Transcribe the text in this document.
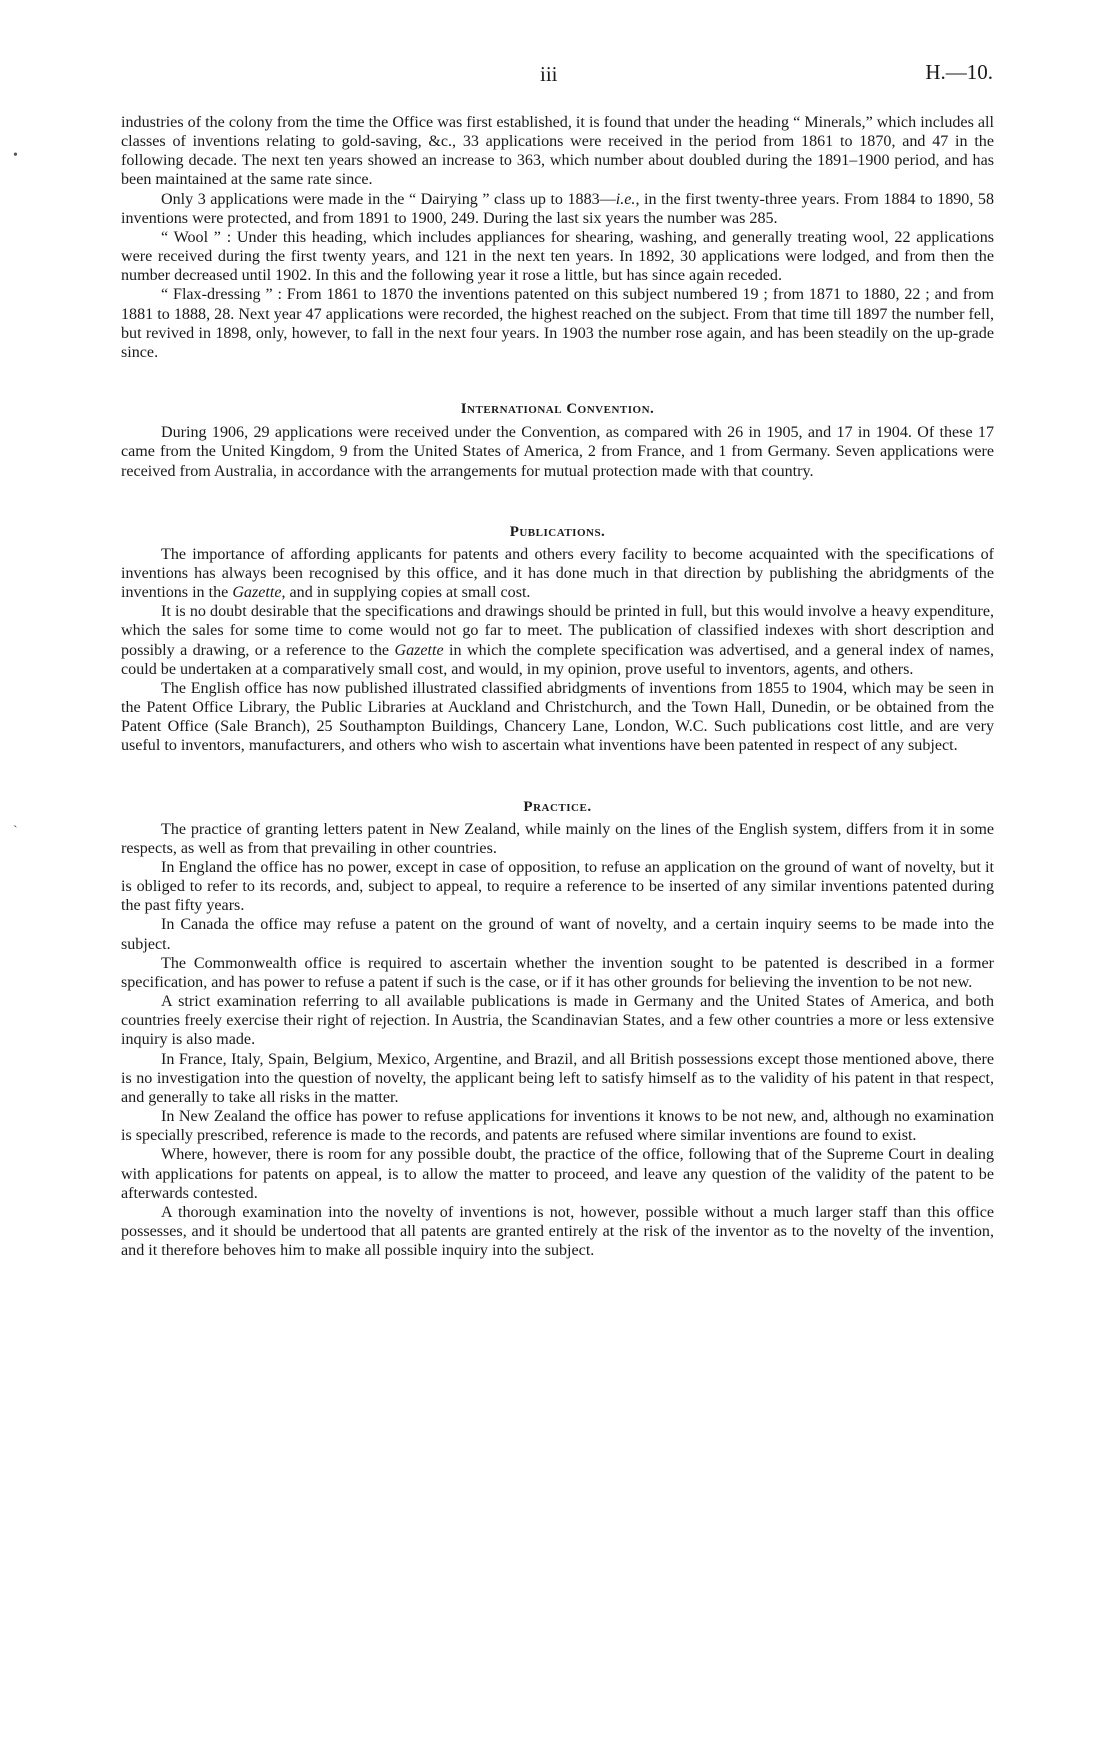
iii	H.—10.
•
ˋ

industries of the colony from the time the Office was first established, it is found that under the heading “ Minerals,” which includes all classes of inventions relating to gold-saving, &c., 33 applications were received in the period from 1861 to 1870, and 47 in the following decade. The next ten years showed an increase to 363, which number about doubled during the 1891–1900 period, and has been maintained at the same rate since.

Only 3 applications were made in the “ Dairying ” class up to 1883—i.e., in the first twenty-three years. From 1884 to 1890, 58 inventions were protected, and from 1891 to 1900, 249. During the last six years the number was 285.

“ Wool ” : Under this heading, which includes appliances for shearing, washing, and generally treating wool, 22 applications were received during the first twenty years, and 121 in the next ten years. In 1892, 30 applications were lodged, and from then the number decreased until 1902. In this and the following year it rose a little, but has since again receded.

“ Flax-dressing ” : From 1861 to 1870 the inventions patented on this subject numbered 19 ; from 1871 to 1880, 22 ; and from 1881 to 1888, 28. Next year 47 applications were recorded, the highest reached on the subject. From that time till 1897 the number fell, but revived in 1898, only, however, to fall in the next four years. In 1903 the number rose again, and has been steadily on the up-grade since.

International Convention.

During 1906, 29 applications were received under the Convention, as compared with 26 in 1905, and 17 in 1904. Of these 17 came from the United Kingdom, 9 from the United States of America, 2 from France, and 1 from Germany. Seven applications were received from Australia, in accordance with the arrangements for mutual protection made with that country.

Publications.

The importance of affording applicants for patents and others every facility to become acquainted with the specifications of inventions has always been recognised by this office, and it has done much in that direction by publishing the abridgments of the inventions in the Gazette, and in supplying copies at small cost.

It is no doubt desirable that the specifications and drawings should be printed in full, but this would involve a heavy expenditure, which the sales for some time to come would not go far to meet. The publication of classified indexes with short description and possibly a drawing, or a reference to the Gazette in which the complete specification was advertised, and a general index of names, could be undertaken at a comparatively small cost, and would, in my opinion, prove useful to inventors, agents, and others.

The English office has now published illustrated classified abridgments of inventions from 1855 to 1904, which may be seen in the Patent Office Library, the Public Libraries at Auckland and Christchurch, and the Town Hall, Dunedin, or be obtained from the Patent Office (Sale Branch), 25 Southampton Buildings, Chancery Lane, London, W.C. Such publications cost little, and are very useful to inventors, manufacturers, and others who wish to ascertain what inventions have been patented in respect of any subject.

Practice.

The practice of granting letters patent in New Zealand, while mainly on the lines of the English system, differs from it in some respects, as well as from that prevailing in other countries.

In England the office has no power, except in case of opposition, to refuse an application on the ground of want of novelty, but it is obliged to refer to its records, and, subject to appeal, to require a reference to be inserted of any similar inventions patented during the past fifty years.

In Canada the office may refuse a patent on the ground of want of novelty, and a certain inquiry seems to be made into the subject.

The Commonwealth office is required to ascertain whether the invention sought to be patented is described in a former specification, and has power to refuse a patent if such is the case, or if it has other grounds for believing the invention to be not new.

A strict examination referring to all available publications is made in Germany and the United States of America, and both countries freely exercise their right of rejection. In Austria, the Scandinavian States, and a few other countries a more or less extensive inquiry is also made.

In France, Italy, Spain, Belgium, Mexico, Argentine, and Brazil, and all British possessions except those mentioned above, there is no investigation into the question of novelty, the applicant being left to satisfy himself as to the validity of his patent in that respect, and generally to take all risks in the matter.

In New Zealand the office has power to refuse applications for inventions it knows to be not new, and, although no examination is specially prescribed, reference is made to the records, and patents are refused where similar inventions are found to exist.

Where, however, there is room for any possible doubt, the practice of the office, following that of the Supreme Court in dealing with applications for patents on appeal, is to allow the matter to proceed, and leave any question of the validity of the patent to be afterwards contested.

A thorough examination into the novelty of inventions is not, however, possible without a much larger staff than this office possesses, and it should be undertood that all patents are granted entirely at the risk of the inventor as to the novelty of the invention, and it therefore behoves him to make all possible inquiry into the subject.
